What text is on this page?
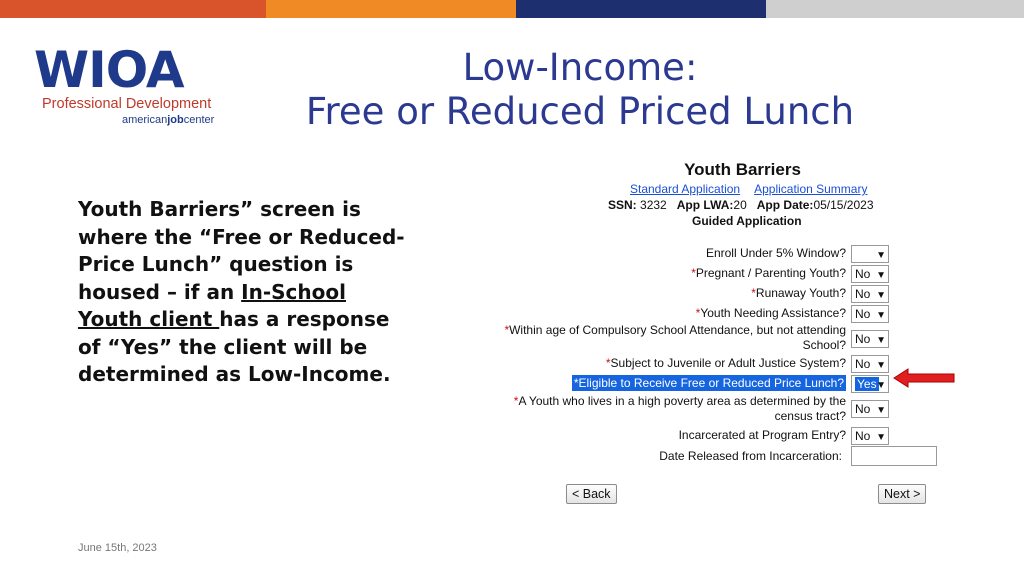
WIOA
Professional Development
americanjobcenter
Low-Income:
Free or Reduced Priced Lunch
Youth Barriers” screen is where the “Free or Reduced-Price Lunch” question is housed – if an In-School Youth client has a response of “Yes” the client will be determined as Low-Income.
June 15th, 2023
Youth Barriers
Standard Application Application Summary
SSN: 3232 App LWA:20 App Date:05/15/2023
Guided Application
Enroll Under 5% Window?	▼
*Pregnant / Parenting Youth? No ▼
*Runaway Youth? No ▼
*Youth Needing Assistance? No ▼
*Within age of Compulsory School Attendance, but not attending
School? No ▼
*Subject to Juvenile or Adult Justice System? No ▼
*Eligible to Receive Free or Reduced Price Lunch?	Yes ▼
*A Youth who lives in a high poverty area as determined by the
census tract? No ▼
Incarcerated at Program Entry? No ▼
Date Released from Incarceration:
< Back	Next >
